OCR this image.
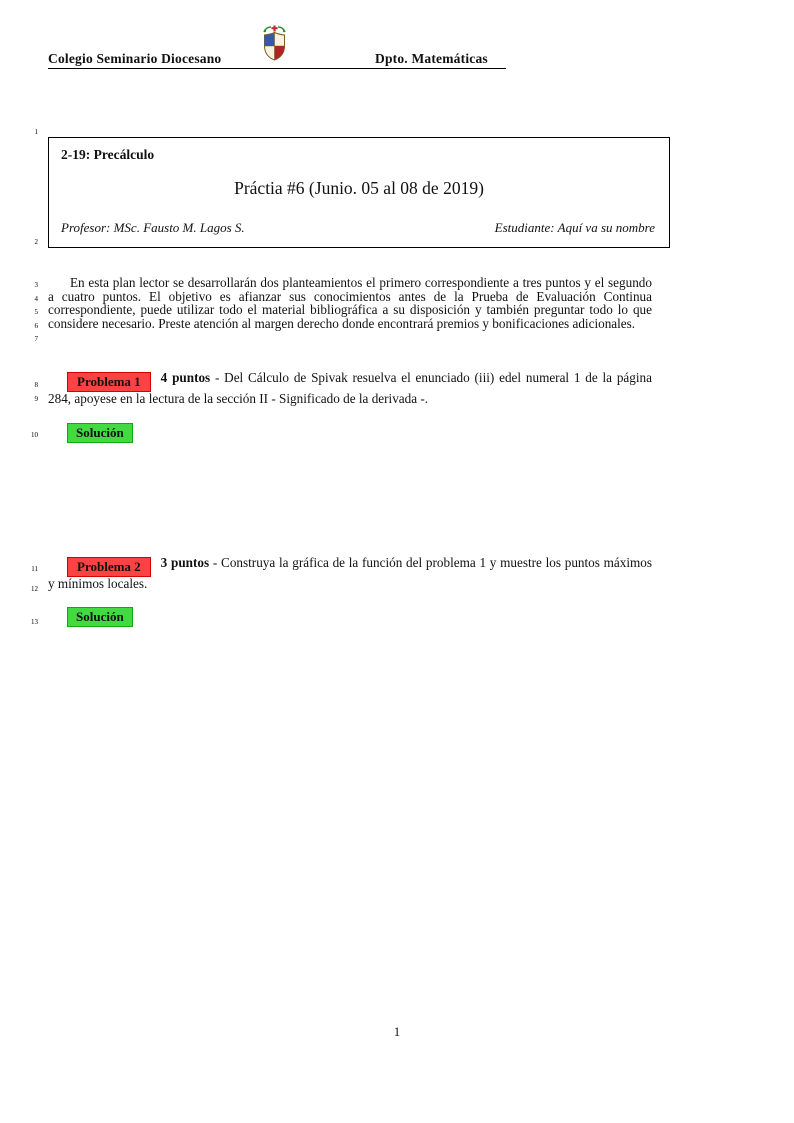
Colegio Seminario Diocesano	Dpto. Matemáticas
2-19: Precálculo
Práctia #6 (Junio. 05 al 08 de 2019)
Profesor: MSc. Fausto M. Lagos S.	Estudiante: Aquí va su nombre
En esta plan lector se desarrollarán dos planteamientos el primero correspondiente a tres puntos y el segundo a cuatro puntos. El objetivo es afianzar sus conocimientos antes de la Prueba de Evaluación Continua correspondiente, puede utilizar todo el material bibliográfica a su disposición y también preguntar todo lo que considere necesario. Preste atención al margen derecho donde encontrará premios y bonificaciones adicionales.
Problema 1 4 puntos - Del Cálculo de Spivak resuelva el enunciado (iii) edel numeral 1 de la página 284, apoyese en la lectura de la sección II - Significado de la derivada -.
Solución
Problema 2 3 puntos - Construya la gráfica de la función del problema 1 y muestre los puntos máximos y mínimos locales.
Solución
1
2
3
4
5
6
7
8
9
10
11
12
13
1
